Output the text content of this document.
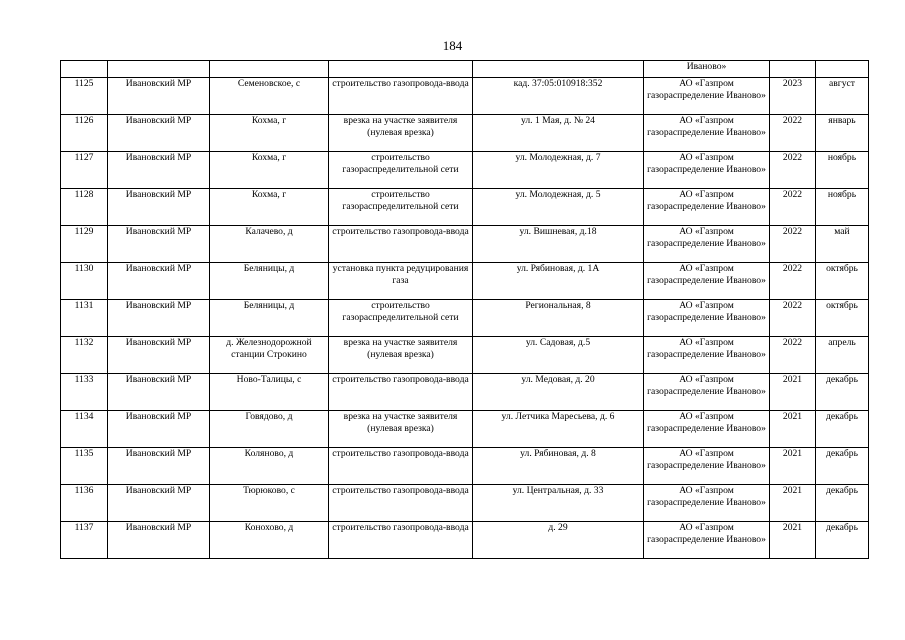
184
					Иваново»		
1125	Ивановский МР	Семеновское, с	строительство газопровода-ввода	кад. 37:05:010918:352	АО «Газпром газораспределение Иваново»	2023	август
1126	Ивановский МР	Кохма, г	врезка на участке заявителя (нулевая врезка)	ул. 1 Мая, д. № 24	АО «Газпром газораспределение Иваново»	2022	январь
1127	Ивановский МР	Кохма, г	строительство газораспределительной сети	ул. Молодежная, д. 7	АО «Газпром газораспределение Иваново»	2022	ноябрь
1128	Ивановский МР	Кохма, г	строительство газораспределительной сети	ул. Молодежная, д. 5	АО «Газпром газораспределение Иваново»	2022	ноябрь
1129	Ивановский МР	Калачево, д	строительство газопровода-ввода	ул. Вишневая, д.18	АО «Газпром газораспределение Иваново»	2022	май
1130	Ивановский МР	Беляницы, д	установка пункта редуцирования газа	ул. Рябиновая, д. 1А	АО «Газпром газораспределение Иваново»	2022	октябрь
1131	Ивановский МР	Беляницы, д	строительство газораспределительной сети	Региональная, 8	АО «Газпром газораспределение Иваново»	2022	октябрь
1132	Ивановский МР	д. Железнодорожной станции Строкино	врезка на участке заявителя (нулевая врезка)	ул. Садовая, д.5	АО «Газпром газораспределение Иваново»	2022	апрель
1133	Ивановский МР	Ново-Талицы, с	строительство газопровода-ввода	ул. Медовая, д. 20	АО «Газпром газораспределение Иваново»	2021	декабрь
1134	Ивановский МР	Говядово, д	врезка на участке заявителя (нулевая врезка)	ул. Летчика Маресьева, д. 6	АО «Газпром газораспределение Иваново»	2021	декабрь
1135	Ивановский МР	Коляново, д	строительство газопровода-ввода	ул. Рябиновая, д. 8	АО «Газпром газораспределение Иваново»	2021	декабрь
1136	Ивановский МР	Тюрюково, с	строительство газопровода-ввода	ул. Центральная, д. 33	АО «Газпром газораспределение Иваново»	2021	декабрь
1137	Ивановский МР	Конохово, д	строительство газопровода-ввода	д. 29	АО «Газпром газораспределение Иваново»	2021	декабрь
